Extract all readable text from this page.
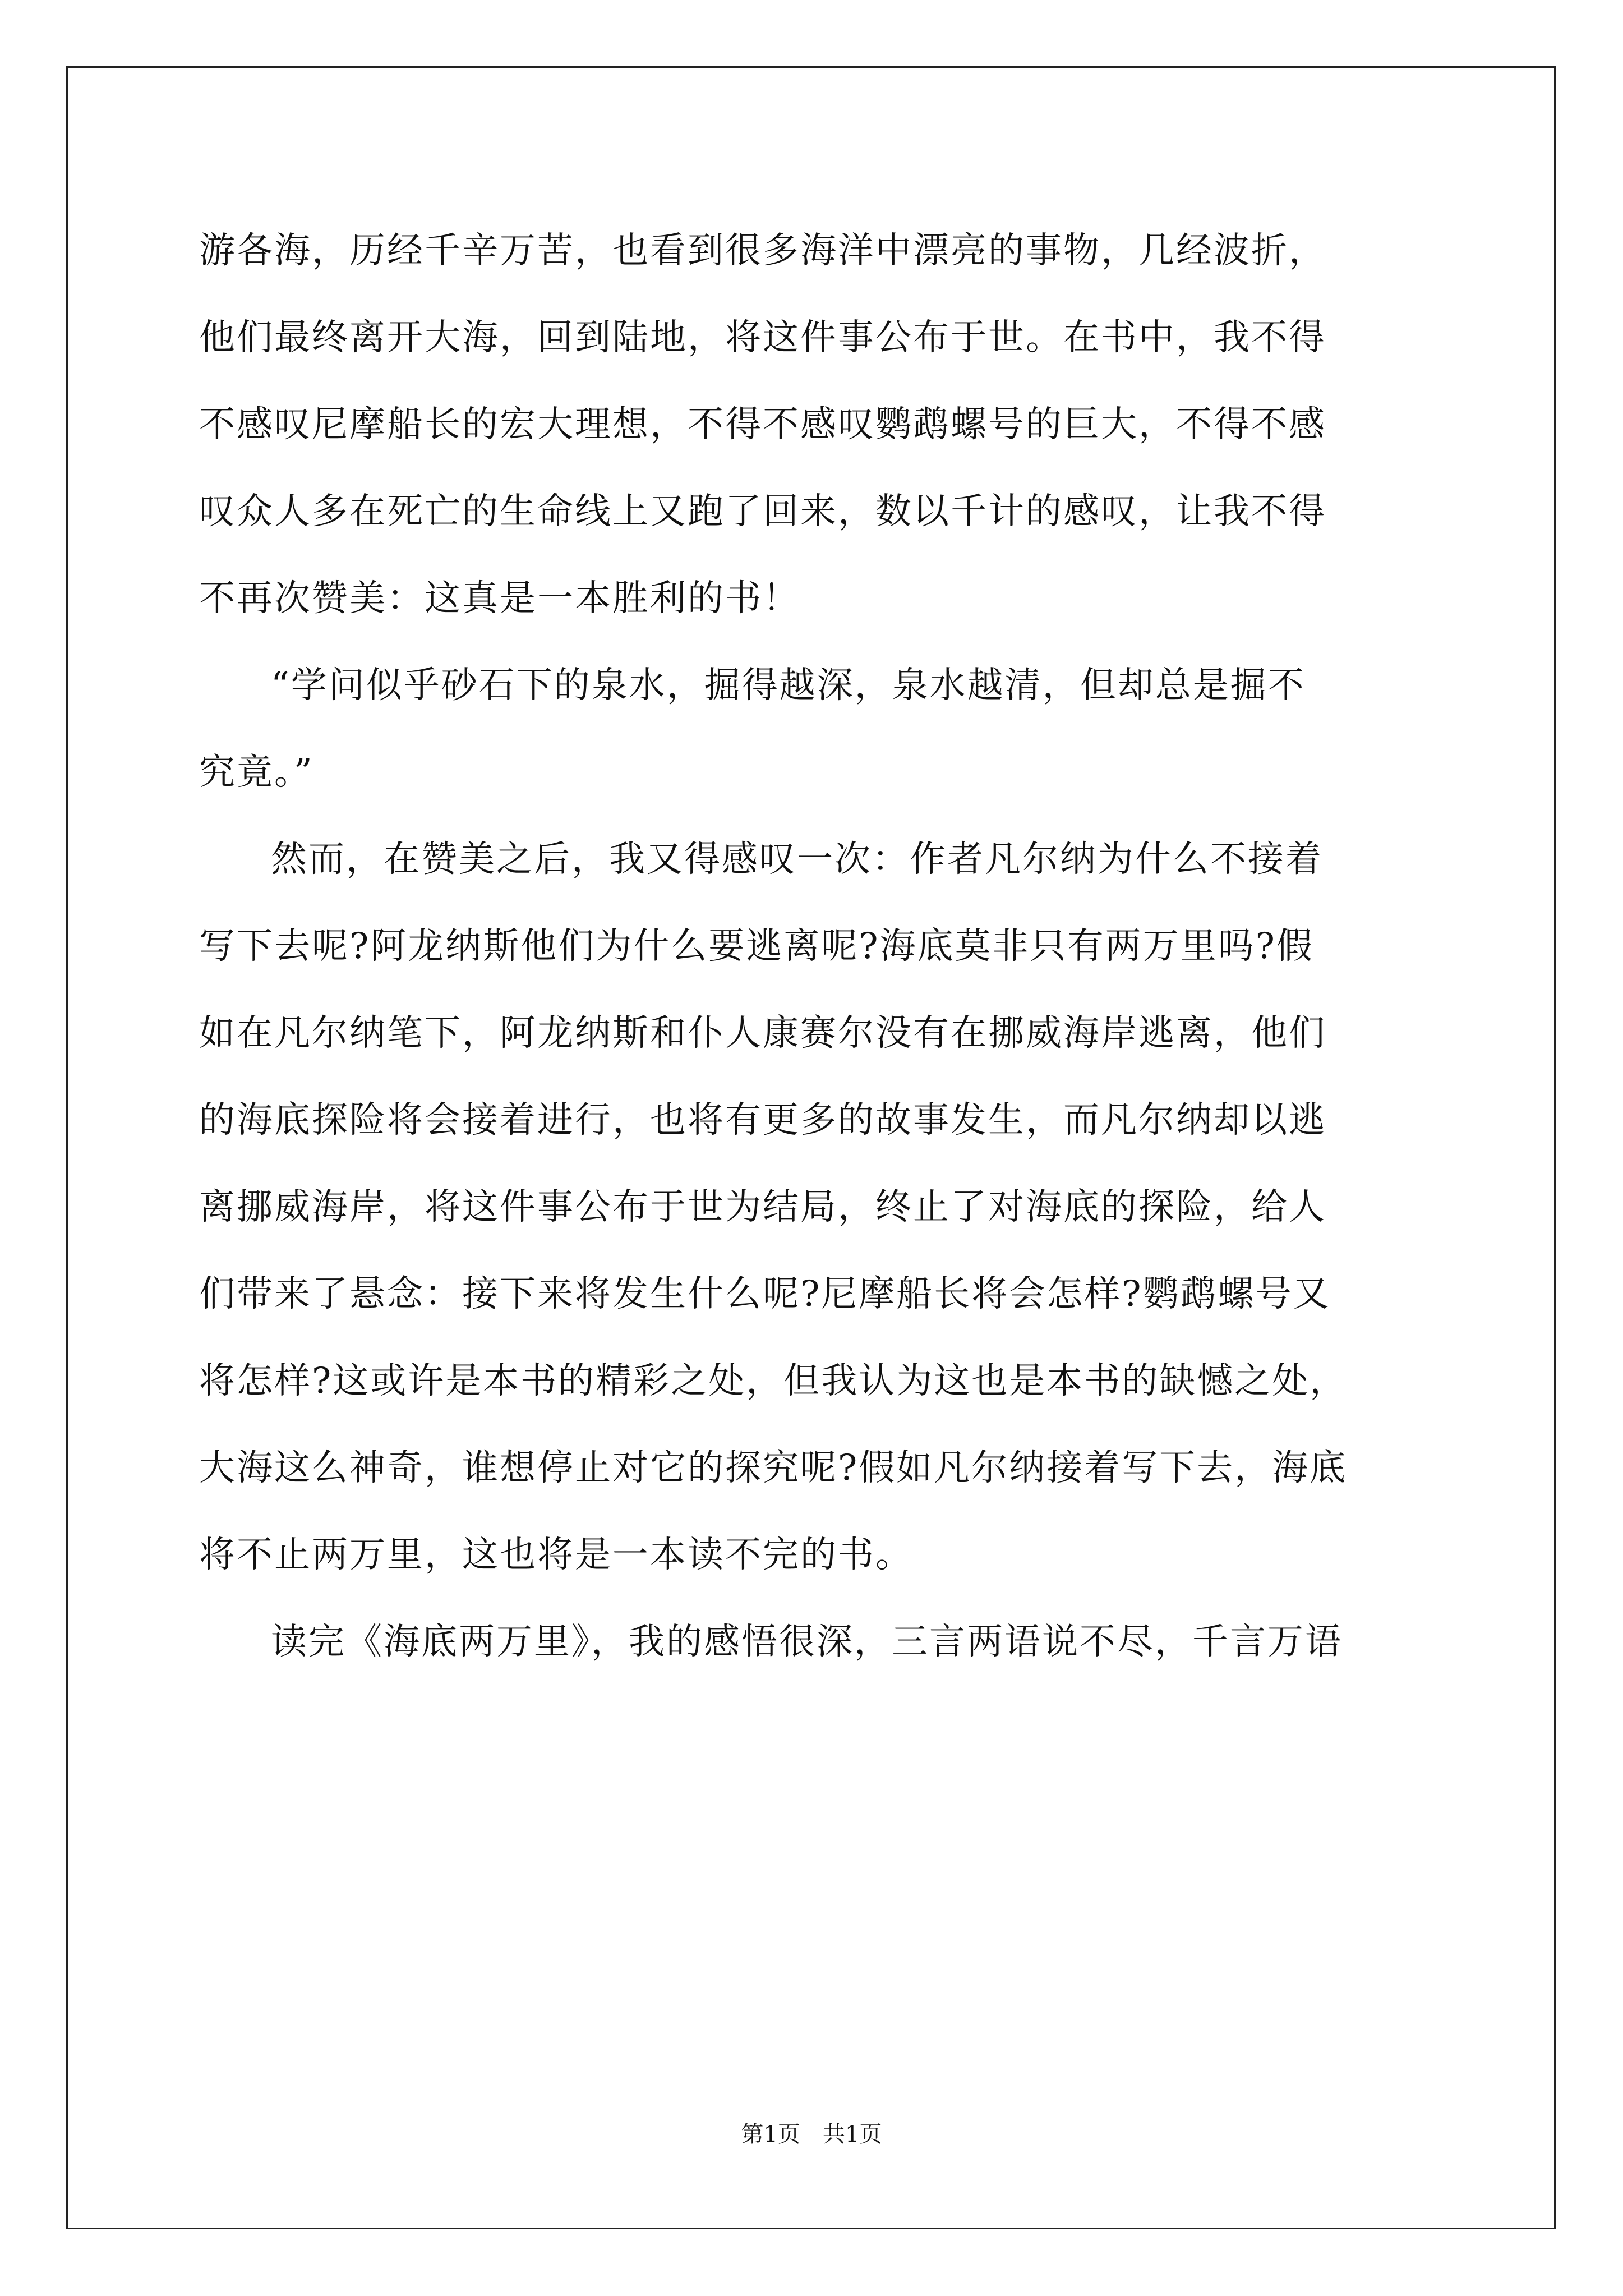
游各海，历经千辛万苦，也看到很多海洋中漂亮的事物，几经波折，
他们最终离开大海，回到陆地，将这件事公布于世。在书中，我不得
不感叹尼摩船长的宏大理想，不得不感叹鹦鹉螺号的巨大，不得不感
叹众人多在死亡的生命线上又跑了回来，数以千计的感叹，让我不得
不再次赞美：这真是一本胜利的书！
“学问似乎砂石下的泉水，掘得越深，泉水越清，但却总是掘不
究竟。”
然而，在赞美之后，我又得感叹一次：作者凡尔纳为什么不接着
写下去呢?阿龙纳斯他们为什么要逃离呢?海底莫非只有两万里吗?假
如在凡尔纳笔下，阿龙纳斯和仆人康赛尔没有在挪威海岸逃离，他们
的海底探险将会接着进行，也将有更多的故事发生，而凡尔纳却以逃
离挪威海岸，将这件事公布于世为结局，终止了对海底的探险，给人
们带来了悬念：接下来将发生什么呢?尼摩船长将会怎样?鹦鹉螺号又
将怎样?这或许是本书的精彩之处，但我认为这也是本书的缺憾之处，
大海这么神奇，谁想停止对它的探究呢?假如凡尔纳接着写下去，海底
将不止两万里，这也将是一本读不完的书。
读完《海底两万里》，我的感悟很深，三言两语说不尽，千言万语
第1页　共1页
